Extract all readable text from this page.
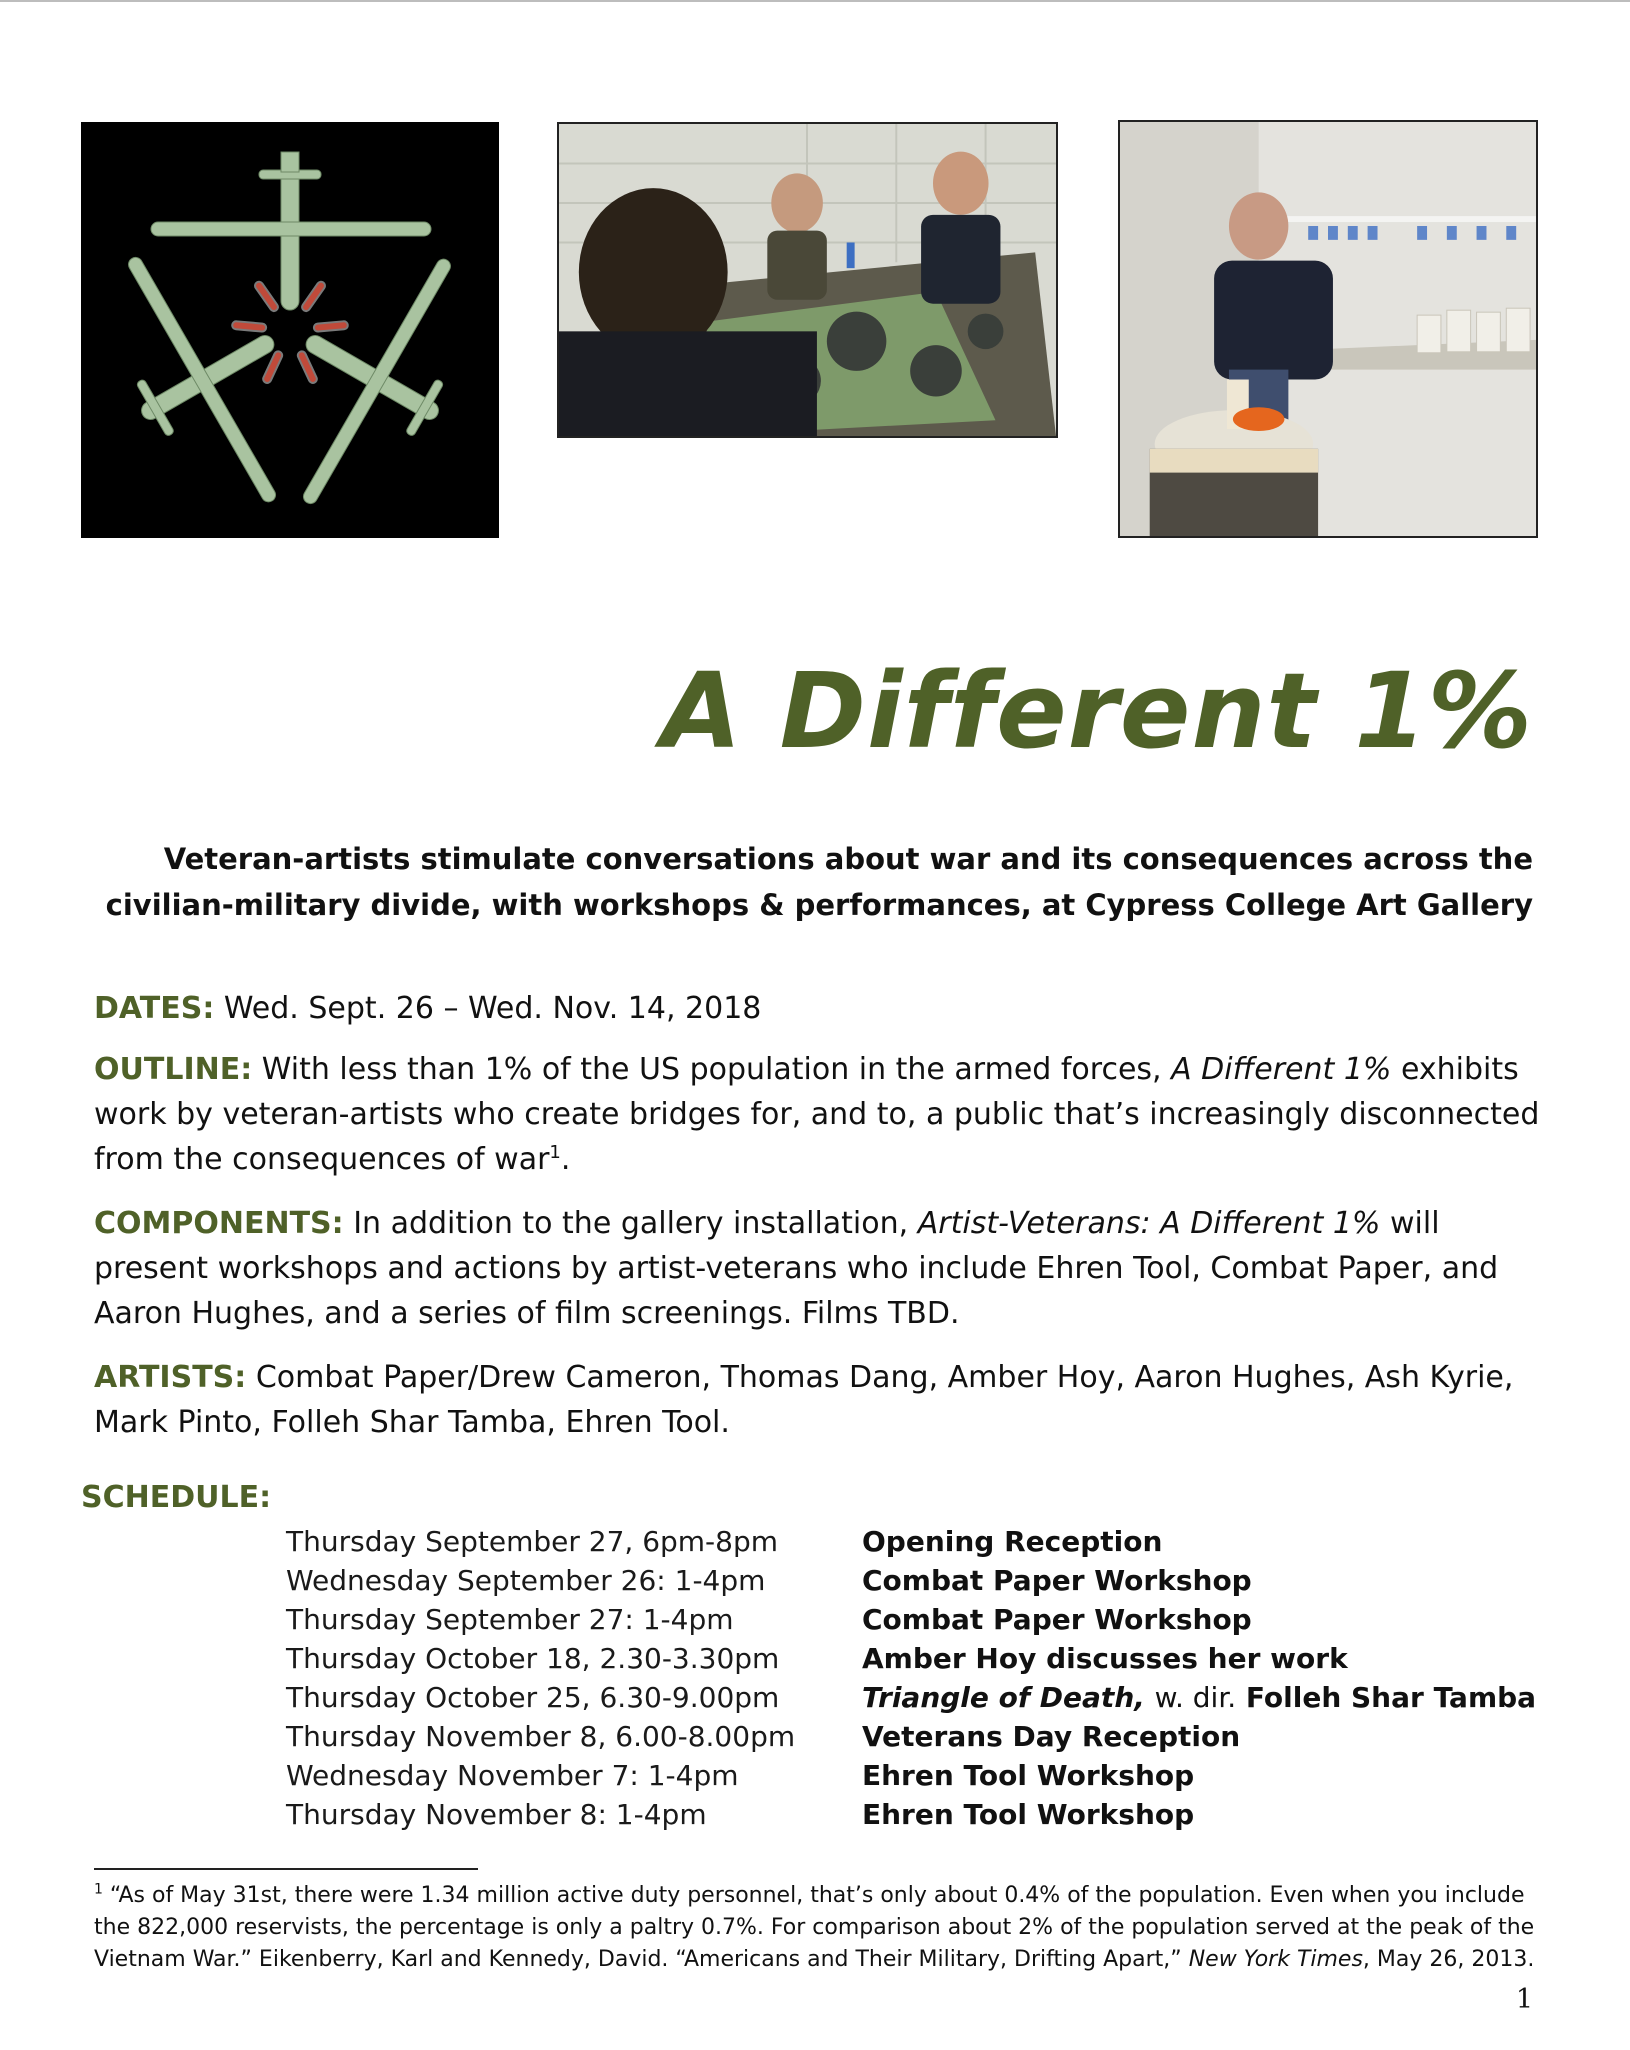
A Different 1%

Veteran-artists stimulate conversations about war and its consequences across the civilian-military divide, with workshops & performances, at Cypress College Art Gallery

DATES: Wed. Sept. 26 – Wed. Nov. 14, 2018

OUTLINE: With less than 1% of the US population in the armed forces, A Different 1% exhibits work by veteran-artists who create bridges for, and to, a public that’s increasingly disconnected from the consequences of war$^1$.

COMPONENTS: In addition to the gallery installation, Artist-Veterans: A Different 1% will present workshops and actions by artist-veterans who include Ehren Tool, Combat Paper, and Aaron Hughes, and a series of film screenings. Films TBD.

ARTISTS: Combat Paper/Drew Cameron, Thomas Dang, Amber Hoy, Aaron Hughes, Ash Kyrie, Mark Pinto, Folleh Shar Tamba, Ehren Tool.

SCHEDULE:

Thursday September 27, 6pm-8pm	Opening Reception
Wednesday September 26: 1-4pm	Combat Paper Workshop
Thursday September 27: 1-4pm	Combat Paper Workshop
Thursday October 18, 2.30-3.30pm	Amber Hoy discusses her work
Thursday October 25, 6.30-9.00pm	Triangle of Death, w. dir. Folleh Shar Tamba
Thursday November 8, 6.00-8.00pm	Veterans Day Reception
Wednesday November 7: 1-4pm	Ehren Tool Workshop
Thursday November 8: 1-4pm	Ehren Tool Workshop

$^1$ “As of May 31st, there were 1.34 million active duty personnel, that’s only about 0.4% of the population. Even when you include the 822,000 reservists, the percentage is only a paltry 0.7%. For comparison about 2% of the population served at the peak of the Vietnam War.” Eikenberry, Karl and Kennedy, David. “Americans and Their Military, Drifting Apart,” New York Times, May 26, 2013.

1
